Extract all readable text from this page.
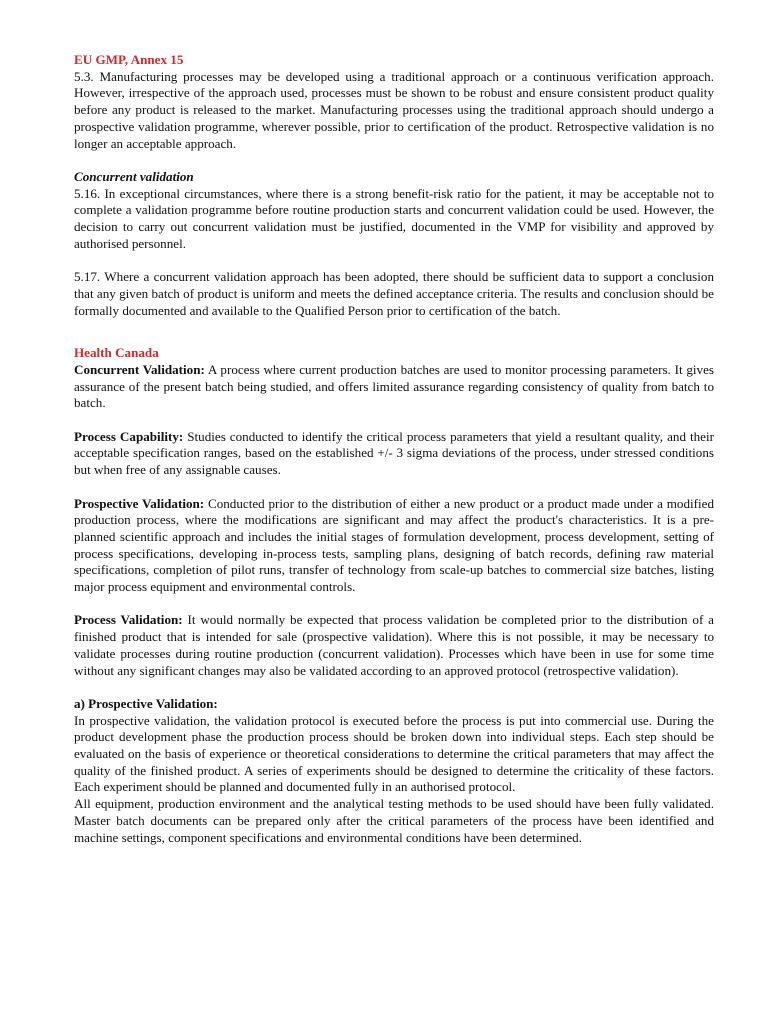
EU GMP, Annex 15

5.3. Manufacturing processes may be developed using a traditional approach or a continuous verification approach. However, irrespective of the approach used, processes must be shown to be robust and ensure consistent product quality before any product is released to the market. Manufacturing processes using the traditional approach should undergo a prospective validation programme, wherever possible, prior to certification of the product. Retrospective validation is no longer an acceptable approach.

Concurrent validation

5.16. In exceptional circumstances, where there is a strong benefit-risk ratio for the patient, it may be acceptable not to complete a validation programme before routine production starts and concurrent validation could be used. However, the decision to carry out concurrent validation must be justified, documented in the VMP for visibility and approved by authorised personnel.

5.17. Where a concurrent validation approach has been adopted, there should be sufficient data to support a conclusion that any given batch of product is uniform and meets the defined acceptance criteria. The results and conclusion should be formally documented and available to the Qualified Person prior to certification of the batch.

Health Canada

Concurrent Validation: A process where current production batches are used to monitor processing parameters. It gives assurance of the present batch being studied, and offers limited assurance regarding consistency of quality from batch to batch.

Process Capability: Studies conducted to identify the critical process parameters that yield a resultant quality, and their acceptable specification ranges, based on the established +/- 3 sigma deviations of the process, under stressed conditions but when free of any assignable causes.

Prospective Validation: Conducted prior to the distribution of either a new product or a product made under a modified production process, where the modifications are significant and may affect the product's characteristics. It is a pre-planned scientific approach and includes the initial stages of formulation development, process development, setting of process specifications, developing in-process tests, sampling plans, designing of batch records, defining raw material specifications, completion of pilot runs, transfer of technology from scale-up batches to commercial size batches, listing major process equipment and environmental controls.

Process Validation: It would normally be expected that process validation be completed prior to the distribution of a finished product that is intended for sale (prospective validation). Where this is not possible, it may be necessary to validate processes during routine production (concurrent validation). Processes which have been in use for some time without any significant changes may also be validated according to an approved protocol (retrospective validation).

a) Prospective Validation:

In prospective validation, the validation protocol is executed before the process is put into commercial use. During the product development phase the production process should be broken down into individual steps. Each step should be evaluated on the basis of experience or theoretical considerations to determine the critical parameters that may affect the quality of the finished product. A series of experiments should be designed to determine the criticality of these factors. Each experiment should be planned and documented fully in an authorised protocol.

All equipment, production environment and the analytical testing methods to be used should have been fully validated. Master batch documents can be prepared only after the critical parameters of the process have been identified and machine settings, component specifications and environmental conditions have been determined.
